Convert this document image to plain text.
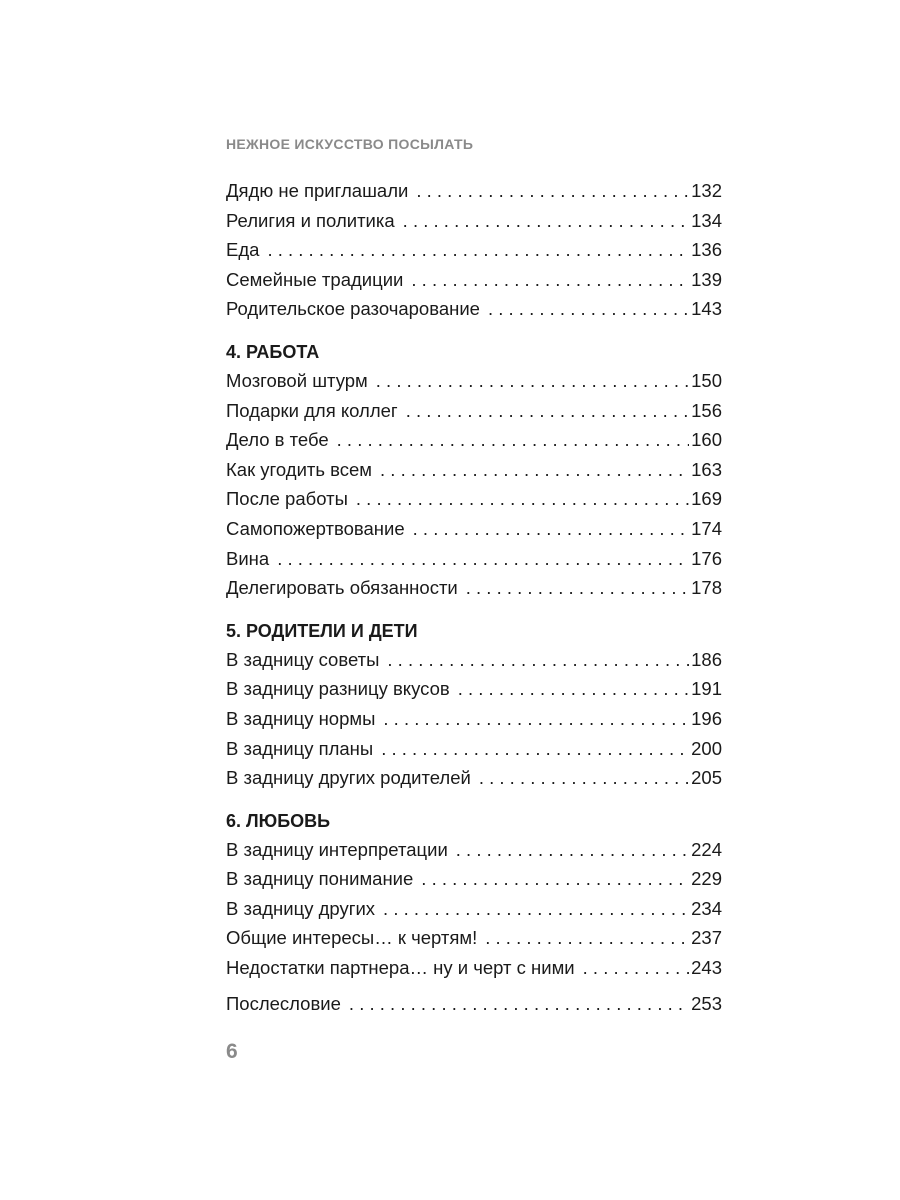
НЕЖНОЕ ИСКУССТВО ПОСЫЛАТЬ
Дядю не приглашали . . .	132
Религия и политика . . .	134
Еда . . .	136
Семейные традиции . . .	139
Родительское разочарование . . .	143
4. РАБОТА
Мозговой штурм . . .	150
Подарки для коллег . . .	156
Дело в тебе . . .	160
Как угодить всем . . .	163
После работы . . .	169
Самопожертвование . . .	174
Вина . . .	176
Делегировать обязанности . . .	178
5. РОДИТЕЛИ И ДЕТИ
В задницу советы . . .	186
В задницу разницу вкусов . . .	191
В задницу нормы . . .	196
В задницу планы . . .	200
В задницу других родителей . . .	205
6. ЛЮБОВЬ
В задницу интерпретации . . .	224
В задницу понимание . . .	229
В задницу других . . .	234
Общие интересы… к чертям! . . .	237
Недостатки партнера… ну и черт с ними . . .	243
Послесловие . . .	253
6
